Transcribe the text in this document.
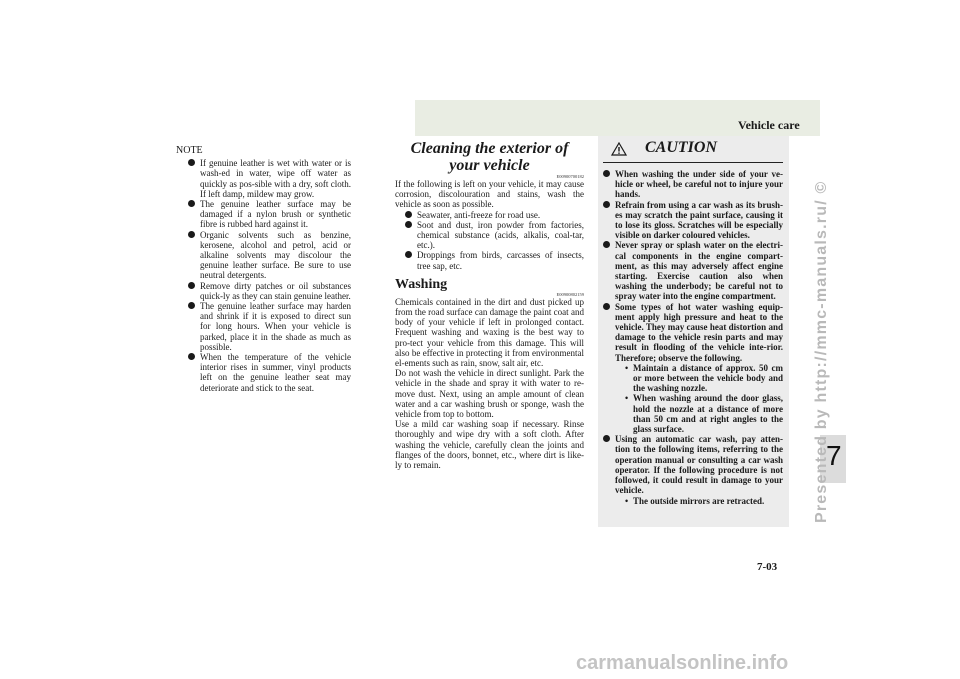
Vehicle care
NOTE
If genuine leather is wet with water or is wash-ed in water, wipe off water as quickly as pos-sible with a dry, soft cloth. If left damp, mildew may grow.
The genuine leather surface may be damaged if a nylon brush or synthetic fibre is rubbed hard against it.
Organic solvents such as benzine, kerosene, alcohol and petrol, acid or alkaline solvents may discolour the genuine leather surface. Be sure to use neutral detergents.
Remove dirty patches or oil substances quick-ly as they can stain genuine leather.
The genuine leather surface may harden and shrink if it is exposed to direct sun for long hours. When your vehicle is parked, place it in the shade as much as possible.
When the temperature of the vehicle interior rises in summer, vinyl products left on the genuine leather seat may deteriorate and stick to the seat.
Cleaning the exterior of your vehicle
E00900700182
If the following is left on your vehicle, it may cause corrosion, discolouration and stains, wash the vehicle as soon as possible.
Seawater, anti-freeze for road use.
Soot and dust, iron powder from factories, chemical substance (acids, alkalis, coal-tar, etc.).
Droppings from birds, carcasses of insects, tree sap, etc.
Washing
E00900802159
Chemicals contained in the dirt and dust picked up from the road surface can damage the paint coat and body of your vehicle if left in prolonged contact. Frequent washing and waxing is the best way to pro-tect your vehicle from this damage. This will also be effective in protecting it from environmental el-ements such as rain, snow, salt air, etc.
Do not wash the vehicle in direct sunlight. Park the vehicle in the shade and spray it with water to re-move dust. Next, using an ample amount of clean water and a car washing brush or sponge, wash the vehicle from top to bottom.
Use a mild car washing soap if necessary. Rinse thoroughly and wipe dry with a soft cloth. After washing the vehicle, carefully clean the joints and flanges of the doors, bonnet, etc., where dirt is like-ly to remain.
CAUTION
When washing the under side of your ve-hicle or wheel, be careful not to injure your hands.
Refrain from using a car wash as its brush-es may scratch the paint surface, causing it to lose its gloss. Scratches will be especially visible on darker coloured vehicles.
Never spray or splash water on the electri-cal components in the engine compart-ment, as this may adversely affect engine starting. Exercise caution also when washing the underbody; be careful not to spray water into the engine compartment.
Some types of hot water washing equip-ment apply high pressure and heat to the vehicle. They may cause heat distortion and damage to the vehicle resin parts and may result in flooding of the vehicle inte-rior. Therefore; observe the following.
• Maintain a distance of approx. 50 cm or more between the vehicle body and the washing nozzle.
• When washing around the door glass, hold the nozzle at a distance of more than 50 cm and at right angles to the glass surface.
Using an automatic car wash, pay atten-tion to the following items, referring to the operation manual or consulting a car wash operator. If the following procedure is not followed, it could result in damage to your vehicle.
• The outside mirrors are retracted.
7
7-03
Presented by http://mmc-manuals.ru/ ©
carmanualsonline.info
